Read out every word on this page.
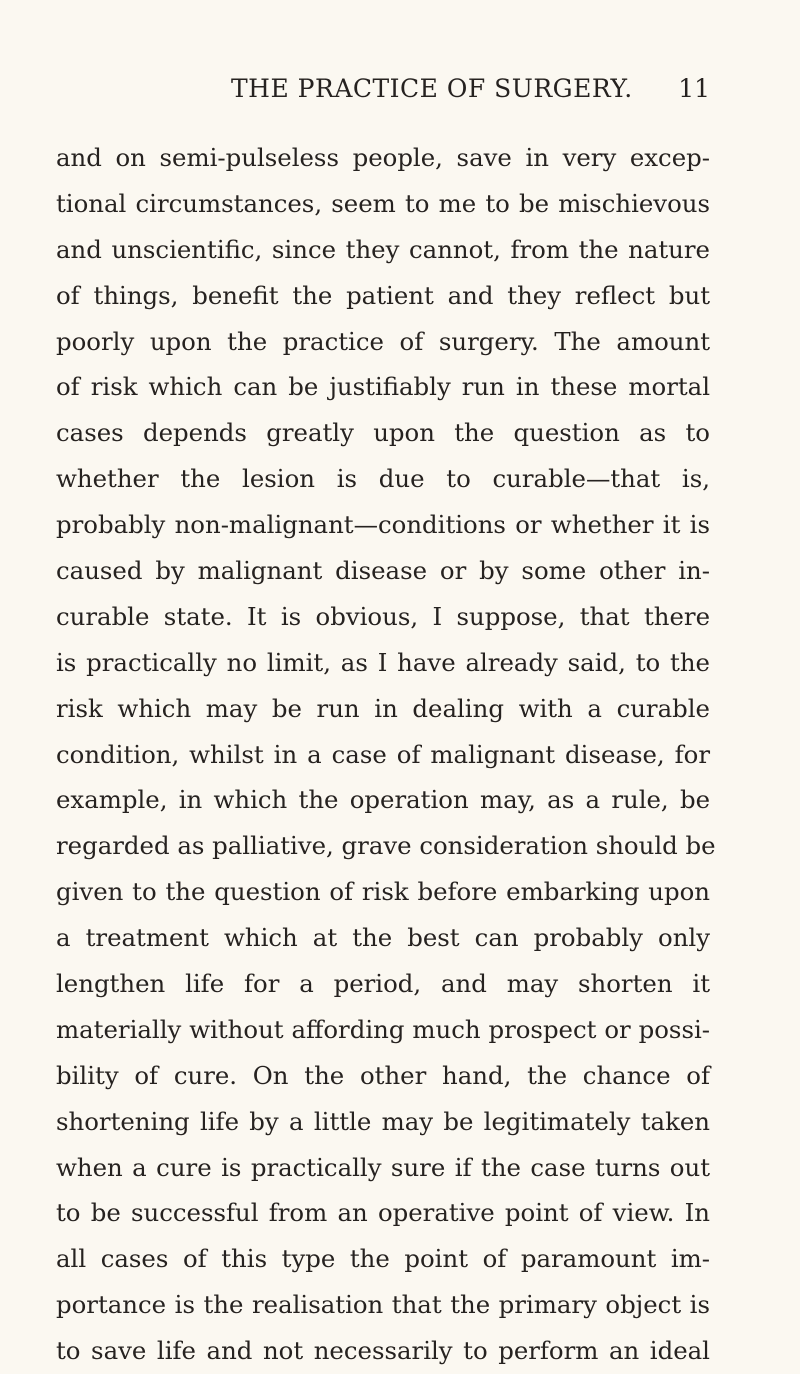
THE PRACTICE OF SURGERY. 11
and on semi-pulseless people, save in very excep-
tional circumstances, seem to me to be mischievous
and unscientific, since they cannot, from the nature
of things, benefit the patient and they reflect but
poorly upon the practice of surgery. The amount
of risk which can be justifiably run in these mortal
cases depends greatly upon the question as to
whether the lesion is due to curable—that is,
probably non-malignant—conditions or whether it is
caused by malignant disease or by some other in-
curable state. It is obvious, I suppose, that there
is practically no limit, as I have already said, to the
risk which may be run in dealing with a curable
condition, whilst in a case of malignant disease, for
example, in which the operation may, as a rule, be
regarded as palliative, grave consideration should be
given to the question of risk before embarking upon
a treatment which at the best can probably only
lengthen life for a period, and may shorten it
materially without affording much prospect or possi-
bility of cure. On the other hand, the chance of
shortening life by a little may be legitimately taken
when a cure is practically sure if the case turns out
to be successful from an operative point of view. In
all cases of this type the point of paramount im-
portance is the realisation that the primary object is
to save life and not necessarily to perform an ideal
